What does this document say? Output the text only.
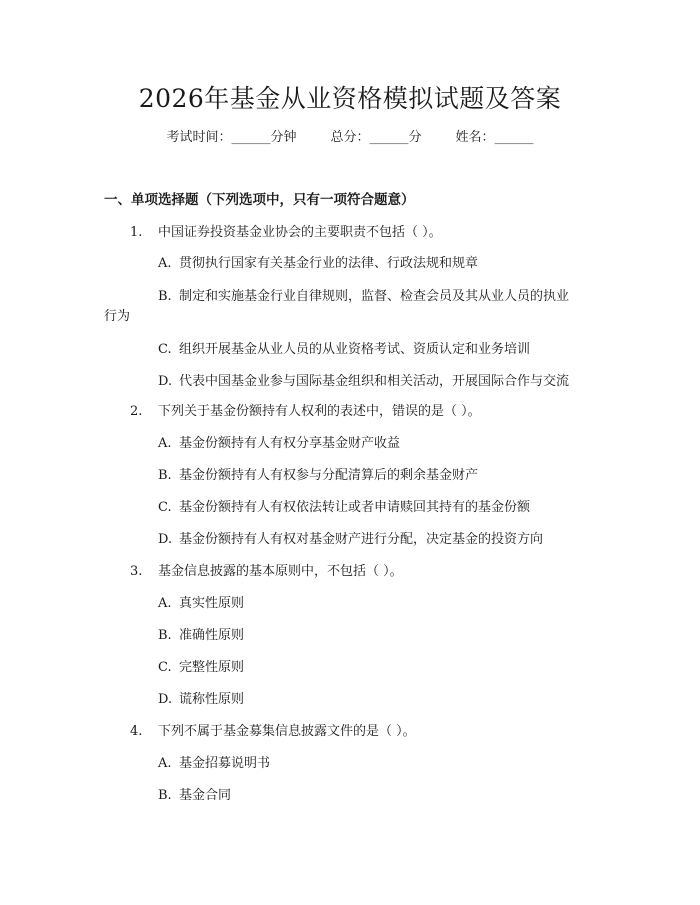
2026年基金从业资格模拟试题及答案
考试时间：______分钟	总分：______分	姓名：______
一、单项选择题（下列选项中，只有一项符合题意）
1. 中国证券投资基金业协会的主要职责不包括（ ）。
A. 贯彻执行国家有关基金行业的法律、行政法规和规章
B. 制定和实施基金行业自律规则，监督、检查会员及其从业人员的执业
行为
C. 组织开展基金从业人员的从业资格考试、资质认定和业务培训
D. 代表中国基金业参与国际基金组织和相关活动，开展国际合作与交流
2. 下列关于基金份额持有人权利的表述中，错误的是（ ）。
A. 基金份额持有人有权分享基金财产收益
B. 基金份额持有人有权参与分配清算后的剩余基金财产
C. 基金份额持有人有权依法转让或者申请赎回其持有的基金份额
D. 基金份额持有人有权对基金财产进行分配，决定基金的投资方向
3. 基金信息披露的基本原则中，不包括（ ）。
A. 真实性原则
B. 准确性原则
C. 完整性原则
D. 谎称性原则
4. 下列不属于基金募集信息披露文件的是（ ）。
A. 基金招募说明书
B. 基金合同
